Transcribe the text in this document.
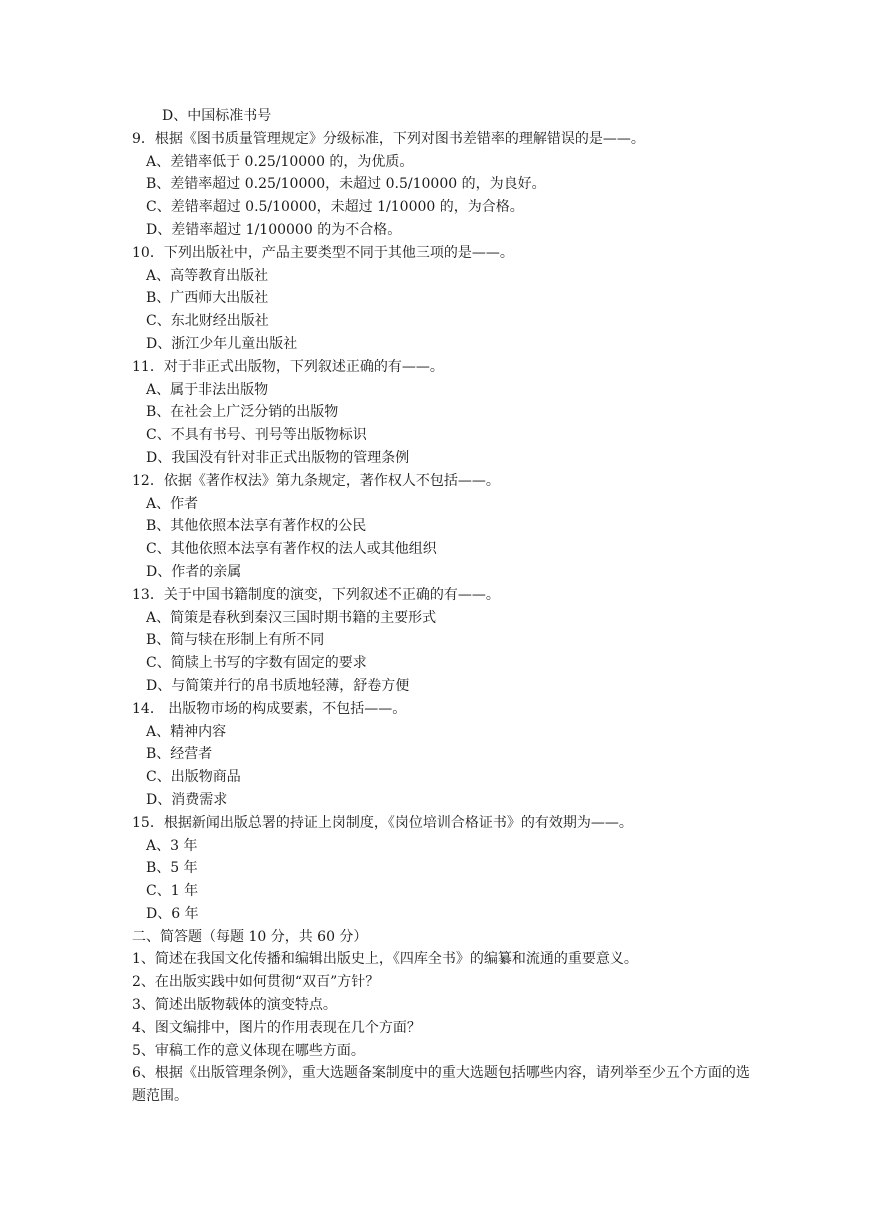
D、中国标准书号
9．根据《图书质量管理规定》分级标准，下列对图书差错率的理解错误的是——。
A、差错率低于 0.25/10000 的，为优质。
B、差错率超过 0.25/10000，未超过 0.5/10000 的，为良好。
C、差错率超过 0.5/10000，未超过 1/10000 的，为合格。
D、差错率超过 1/100000 的为不合格。
10．下列出版社中，产品主要类型不同于其他三项的是——。
A、高等教育出版社
B、广西师大出版社
C、东北财经出版社
D、浙江少年儿童出版社
11．对于非正式出版物，下列叙述正确的有——。
A、属于非法出版物
B、在社会上广泛分销的出版物
C、不具有书号、刊号等出版物标识
D、我国没有针对非正式出版物的管理条例
12．依据《著作权法》第九条规定，著作权人不包括——。
A、作者
B、其他依照本法享有著作权的公民
C、其他依照本法享有著作权的法人或其他组织
D、作者的亲属
13．关于中国书籍制度的演变，下列叙述不正确的有——。
A、简策是春秋到秦汉三国时期书籍的主要形式
B、简与犊在形制上有所不同
C、简牍上书写的字数有固定的要求
D、与简策并行的帛书质地轻薄，舒卷方便
14． 出版物市场的构成要素，不包括——。
A、精神内容
B、经营者
C、出版物商品
D、消费需求
15．根据新闻出版总署的持证上岗制度，《岗位培训合格证书》的有效期为——。
A、3 年
B、5 年
C、1 年
D、6 年
二、简答题（每题 10 分，共 60 分）
1、简述在我国文化传播和编辑出版史上，《四库全书》的编纂和流通的重要意义。
2、在出版实践中如何贯彻“双百”方针？
3、简述出版物载体的演变特点。
4、图文编排中，图片的作用表现在几个方面？
5、审稿工作的意义体现在哪些方面。
6、根据《出版管理条例》，重大选题备案制度中的重大选题包括哪些内容，请列举至少五个方面的选题范围。
